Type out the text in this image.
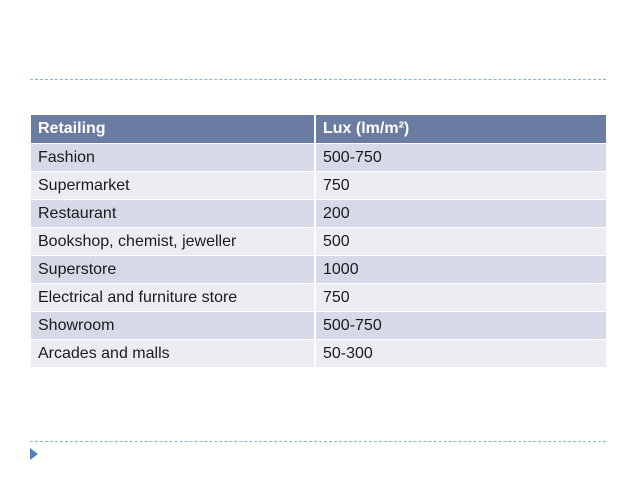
Retailing	Lux (lm/m²)
Fashion	500-750
Supermarket	750
Restaurant	200
Bookshop, chemist, jeweller	500
Superstore	1000
Electrical and furniture store	750
Showroom	500-750
Arcades and malls	50-300
